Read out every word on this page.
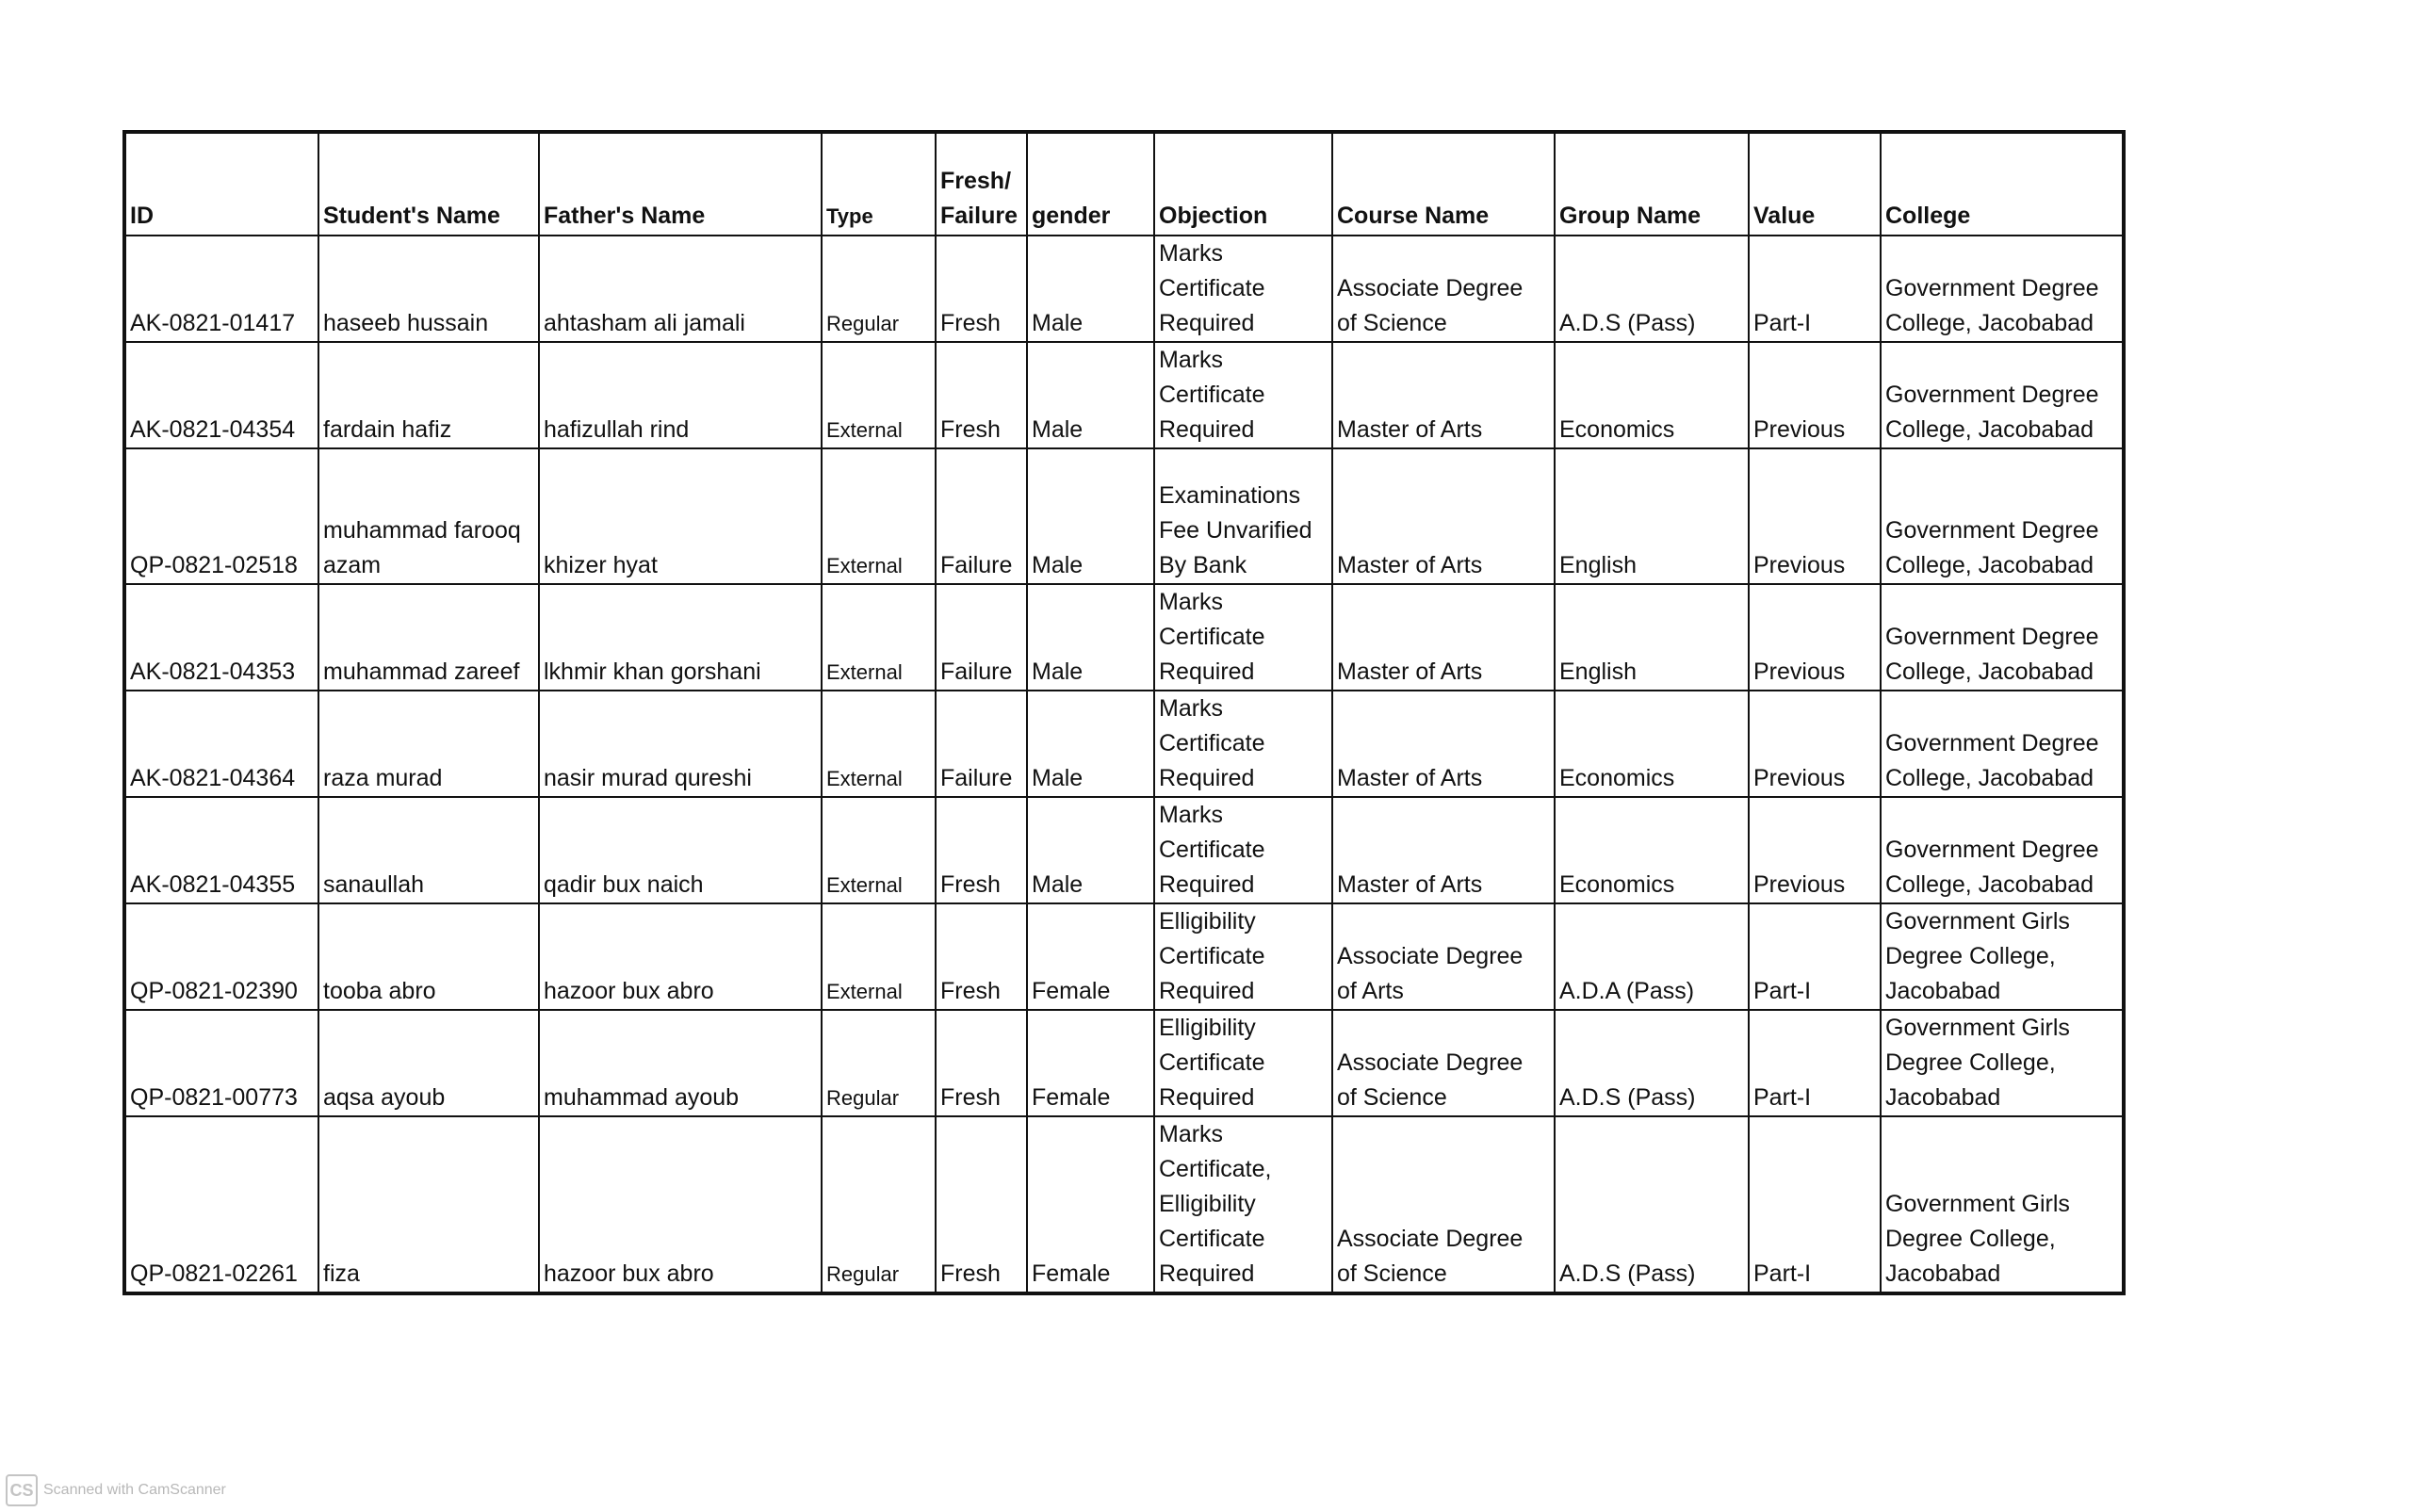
ID	Student's Name	Father's Name	Type	Fresh/
Failure	gender	Objection	Course Name	Group Name	Value	College
AK-0821-01417	haseeb hussain	ahtasham ali jamali	Regular	Fresh	Male	Marks
Certificate
Required	Associate Degree
of Science	A.D.S (Pass)	Part-I	Government Degree
College, Jacobabad
AK-0821-04354	fardain hafiz	hafizullah rind	External	Fresh	Male	Marks
Certificate
Required	Master of Arts	Economics	Previous	Government Degree
College, Jacobabad
QP-0821-02518	muhammad farooq
azam	khizer hyat	External	Failure	Male	Examinations
Fee Unvarified
By Bank	Master of Arts	English	Previous	Government Degree
College, Jacobabad
AK-0821-04353	muhammad zareef	lkhmir khan gorshani	External	Failure	Male	Marks
Certificate
Required	Master of Arts	English	Previous	Government Degree
College, Jacobabad
AK-0821-04364	raza murad	nasir murad qureshi	External	Failure	Male	Marks
Certificate
Required	Master of Arts	Economics	Previous	Government Degree
College, Jacobabad
AK-0821-04355	sanaullah	qadir bux naich	External	Fresh	Male	Marks
Certificate
Required	Master of Arts	Economics	Previous	Government Degree
College, Jacobabad
QP-0821-02390	tooba abro	hazoor bux abro	External	Fresh	Female	Elligibility
Certificate
Required	Associate Degree
of Arts	A.D.A (Pass)	Part-I	Government Girls
Degree College,
Jacobabad
QP-0821-00773	aqsa ayoub	muhammad ayoub	Regular	Fresh	Female	Elligibility
Certificate
Required	Associate Degree
of Science	A.D.S (Pass)	Part-I	Government Girls
Degree College,
Jacobabad
QP-0821-02261	fiza	hazoor bux abro	Regular	Fresh	Female	Marks
Certificate,
Elligibility
Certificate
Required	Associate Degree
of Science	A.D.S (Pass)	Part-I	Government Girls
Degree College,
Jacobabad
CS Scanned with CamScanner
